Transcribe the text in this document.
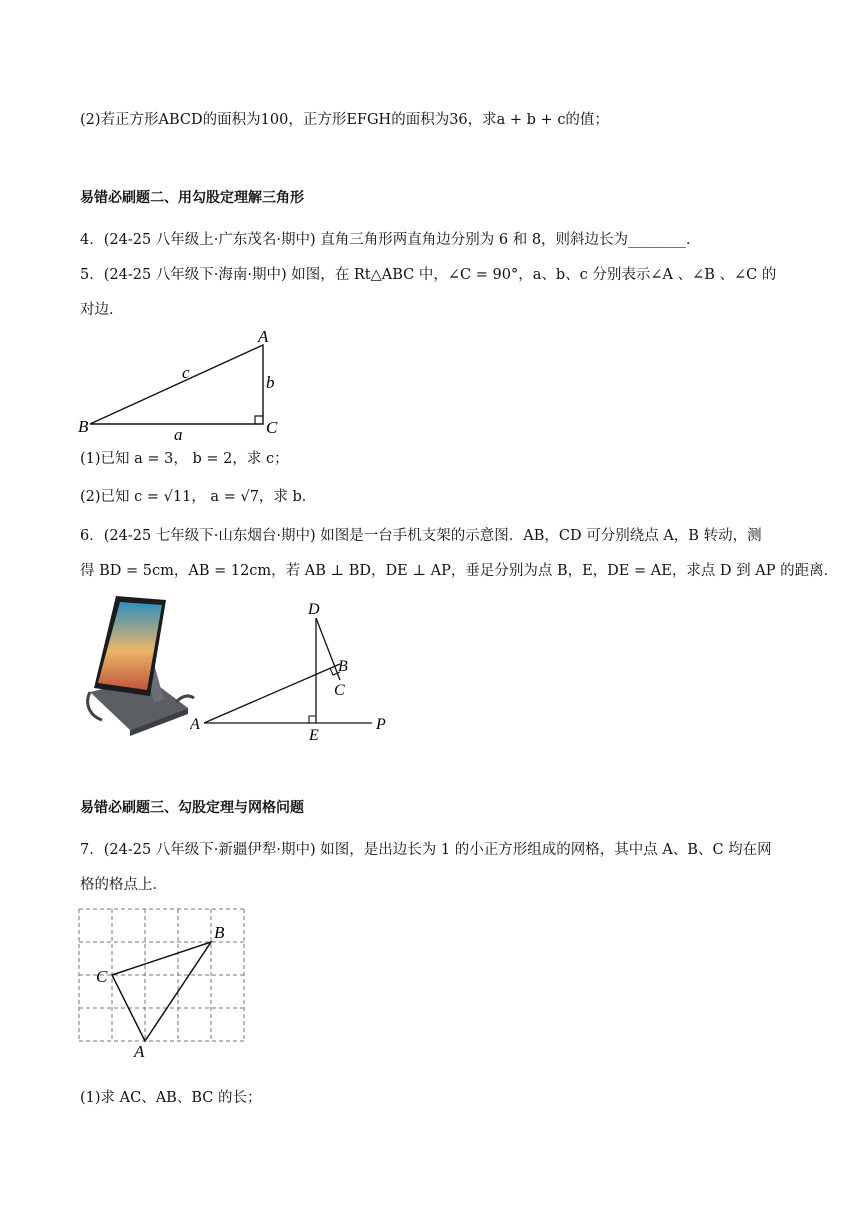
(2)若正方形ABCD的面积为100，正方形EFGH的面积为36，求a + b + c的值；
易错必刷题二、用勾股定理解三角形
4．(24-25 八年级上·广东茂名·期中) 直角三角形两直角边分别为 6 和 8，则斜边长为________．
5．(24-25 八年级下·海南·期中) 如图，在 Rt△ABC 中，∠C = 90°，a、b、c 分别表示∠A 、∠B 、∠C 的
对边．
A
B	C
a
b
c
(1)已知 a = 3， b = 2，求 c；
(2)已知 c = √11， a = √7，求 b．
6．(24-25 七年级下·山东烟台·期中) 如图是一台手机支架的示意图．AB，CD 可分别绕点 A，B 转动，测
得 BD = 5cm，AB = 12cm，若 AB ⊥ BD，DE ⊥ AP，垂足分别为点 B，E，DE = AE，求点 D 到 AP 的距离．
A
B
C
D
E
P
易错必刷题三、勾股定理与网格问题
7．(24-25 八年级下·新疆伊犁·期中) 如图，是出边长为 1 的小正方形组成的网格，其中点 A、B、C 均在网
格的格点上．
A
B
C
(1)求 AC、AB、BC 的长；
